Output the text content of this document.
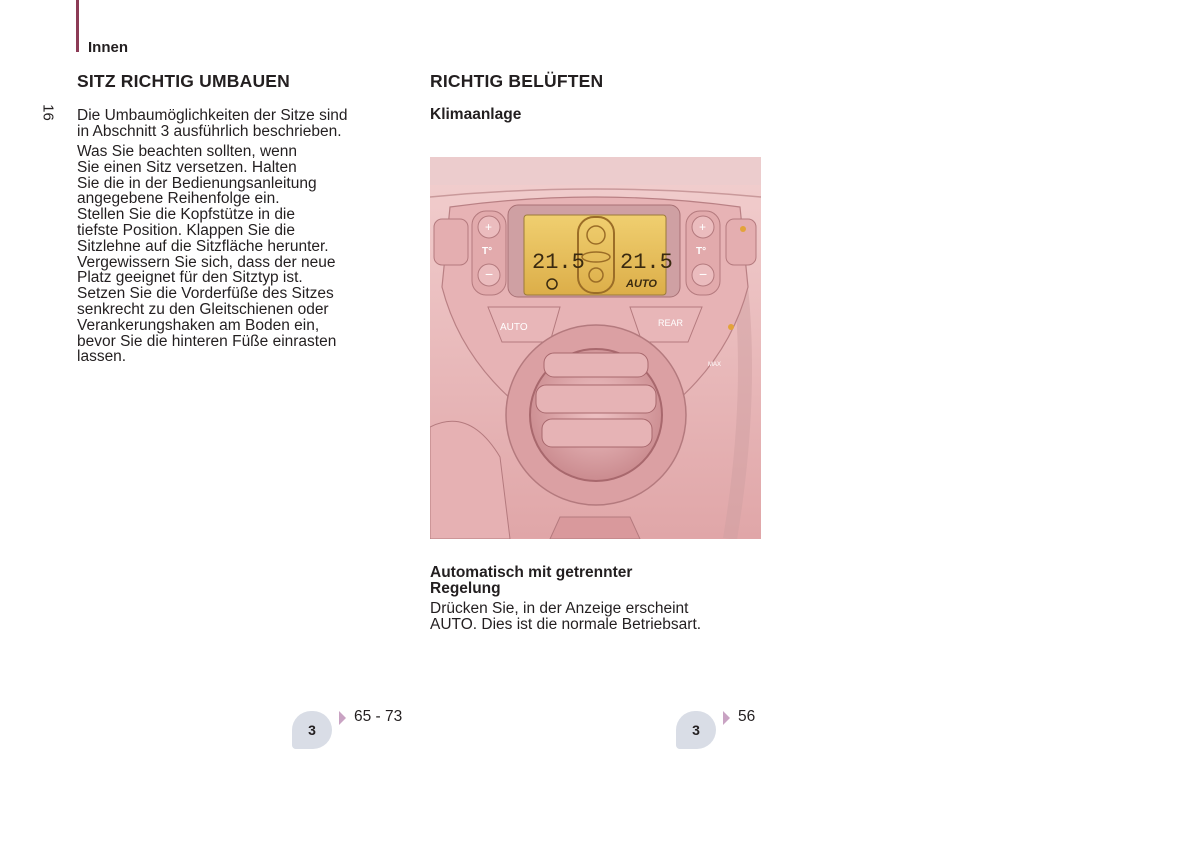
Innen
16
SITZ RICHTIG UMBAUEN
Die Umbaumöglichkeiten der Sitze sind
in Abschnitt 3 ausführlich beschrieben.
Was Sie beachten sollten, wenn
Sie einen Sitz versetzen. Halten
Sie die in der Bedienungsanleitung
angegebene Reihenfolge ein.
Stellen Sie die Kopfstütze in die
tiefste Position. Klappen Sie die
Sitzlehne auf die Sitzfläche herunter.
Vergewissern Sie sich, dass der neue
Platz geeignet für den Sitztyp ist.
Setzen Sie die Vorderfüße des Sitzes
senkrecht zu den Gleitschienen oder
Verankerungshaken am Boden ein,
bevor Sie die hinteren Füße einrasten
lassen.
3
65 - 73
RICHTIG BELÜFTEN
Klimaanlage
21.5 21.5
AUTO
+
−
T°
+
−
T°
AUTO	REAR
MAX
Automatisch mit getrennter
Regelung
Drücken Sie, in der Anzeige erscheint
AUTO. Dies ist die normale Betriebsart.
3
56
